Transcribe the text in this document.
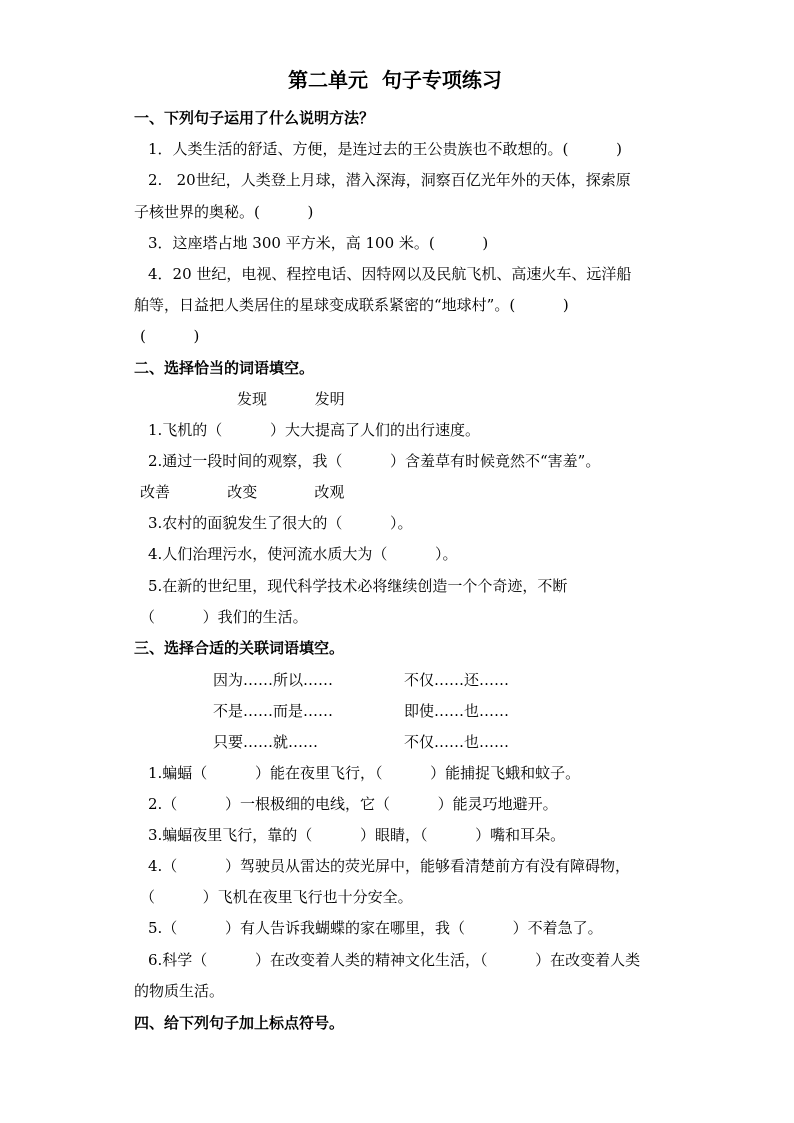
第二单元  句子专项练习
一、下列句子运用了什么说明方法？
1．人类生活的舒适、方便，是连过去的王公贵族也不敢想的。(          )
2.   20世纪，人类登上月球，潜入深海，洞察百亿光年外的天体，探索原
子核世界的奥秘。(          )
3．这座塔占地 300 平方米，高 100 米。(          )
4．20 世纪，电视、程控电话、因特网以及民航飞机、高速火车、远洋船
舶等，日益把人类居住的星球变成联系紧密的“地球村”。(          )
(          )
二、选择恰当的词语填空。
发现          发明
1.飞机的（          ）大大提高了人们的出行速度。
2.通过一段时间的观察，我（          ）含羞草有时候竟然不“害羞”。
改善            改变            改观
3.农村的面貌发生了很大的（          ）。
4.人们治理污水，使河流水质大为（          ）。
5.在新的世纪里，现代科学技术必将继续创造一个个奇迹，不断
（          ）我们的生活。
三、选择合适的关联词语填空。
因为……所以……	不仅……还……
不是……而是……	即使……也……
只要……就……	不仅……也……
1.蝙蝠（          ）能在夜里飞行，（          ）能捕捉飞蛾和蚊子。
2.（          ）一根极细的电线，它（          ）能灵巧地避开。
3.蝙蝠夜里飞行，靠的（          ）眼睛，（          ）嘴和耳朵。
4.（          ）驾驶员从雷达的荧光屏中，能够看清楚前方有没有障碍物，
（          ）飞机在夜里飞行也十分安全。
5.（          ）有人告诉我蝴蝶的家在哪里，我（          ）不着急了。
6.科学（          ）在改变着人类的精神文化生活，（          ）在改变着人类
的物质生活。
四、给下列句子加上标点符号。
